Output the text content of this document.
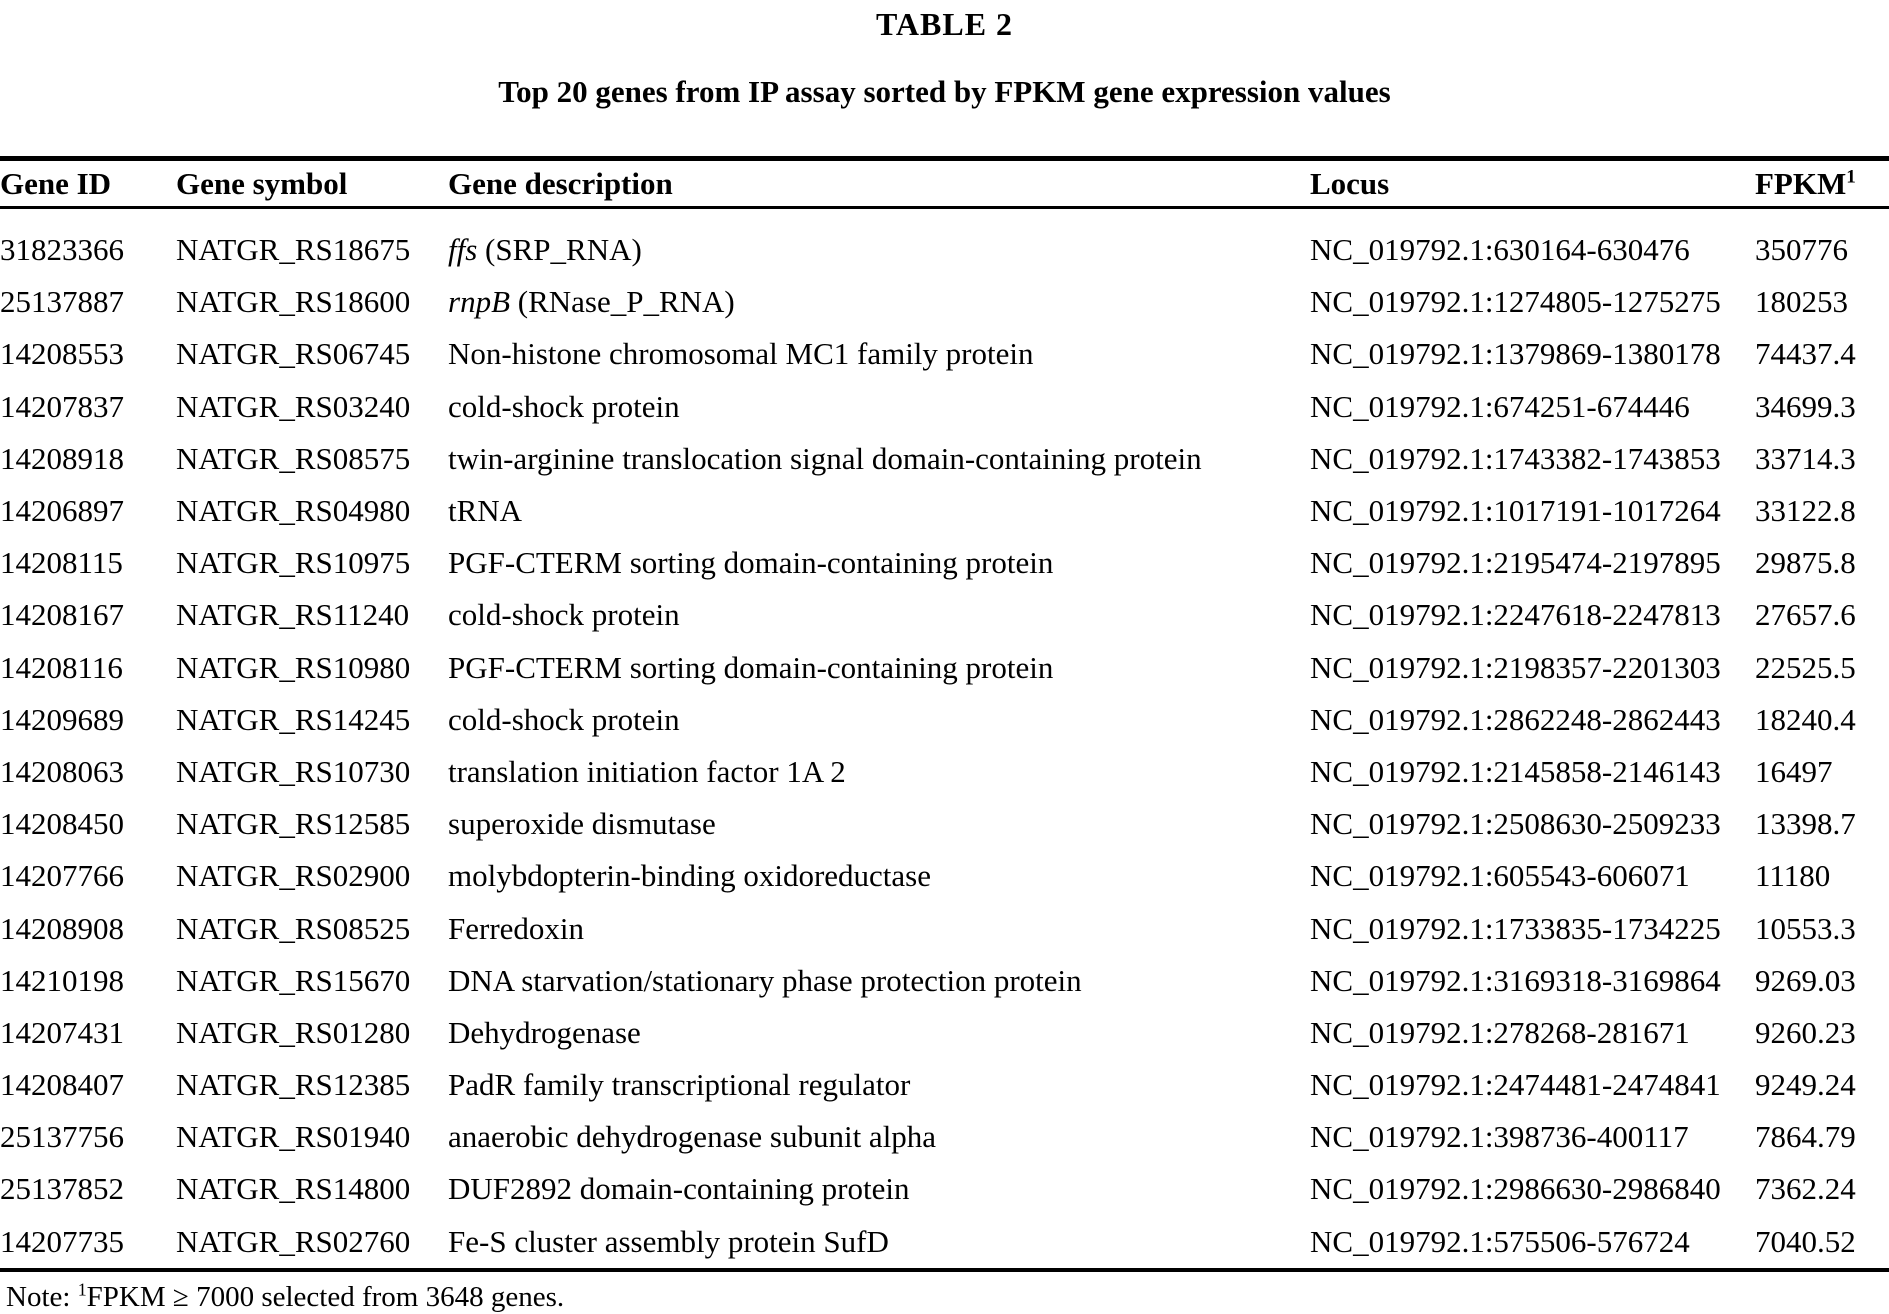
TABLE 2
Top 20 genes from IP assay sorted by FPKM gene expression values
Gene ID	Gene symbol	Gene description	Locus	FPKM$^1$
31823366	NATGR_RS18675	ffs (SRP_RNA)	NC_019792.1:630164-630476	350776
25137887	NATGR_RS18600	rnpB (RNase_P_RNA)	NC_019792.1:1274805-1275275	180253
14208553	NATGR_RS06745	Non-histone chromosomal MC1 family protein	NC_019792.1:1379869-1380178	74437.4
14207837	NATGR_RS03240	cold-shock protein	NC_019792.1:674251-674446	34699.3
14208918	NATGR_RS08575	twin-arginine translocation signal domain-containing protein	NC_019792.1:1743382-1743853	33714.3
14206897	NATGR_RS04980	tRNA	NC_019792.1:1017191-1017264	33122.8
14208115	NATGR_RS10975	PGF-CTERM sorting domain-containing protein	NC_019792.1:2195474-2197895	29875.8
14208167	NATGR_RS11240	cold-shock protein	NC_019792.1:2247618-2247813	27657.6
14208116	NATGR_RS10980	PGF-CTERM sorting domain-containing protein	NC_019792.1:2198357-2201303	22525.5
14209689	NATGR_RS14245	cold-shock protein	NC_019792.1:2862248-2862443	18240.4
14208063	NATGR_RS10730	translation initiation factor 1A 2	NC_019792.1:2145858-2146143	16497
14208450	NATGR_RS12585	superoxide dismutase	NC_019792.1:2508630-2509233	13398.7
14207766	NATGR_RS02900	molybdopterin-binding oxidoreductase	NC_019792.1:605543-606071	11180
14208908	NATGR_RS08525	Ferredoxin	NC_019792.1:1733835-1734225	10553.3
14210198	NATGR_RS15670	DNA starvation/stationary phase protection protein	NC_019792.1:3169318-3169864	9269.03
14207431	NATGR_RS01280	Dehydrogenase	NC_019792.1:278268-281671	9260.23
14208407	NATGR_RS12385	PadR family transcriptional regulator	NC_019792.1:2474481-2474841	9249.24
25137756	NATGR_RS01940	anaerobic dehydrogenase subunit alpha	NC_019792.1:398736-400117	7864.79
25137852	NATGR_RS14800	DUF2892 domain-containing protein	NC_019792.1:2986630-2986840	7362.24
14207735	NATGR_RS02760	Fe-S cluster assembly protein SufD	NC_019792.1:575506-576724	7040.52
Note: $^1$FPKM ≥ 7000 selected from 3648 genes.
